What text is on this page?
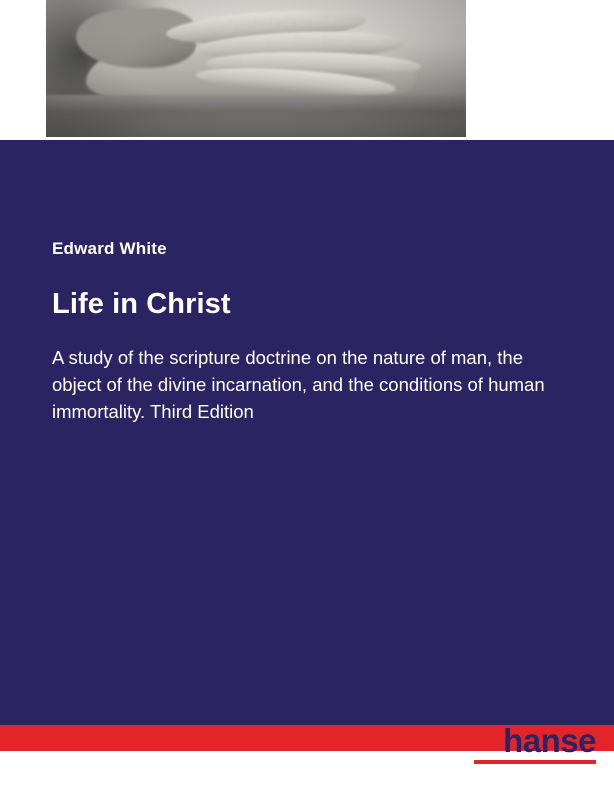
Edward White
Life in Christ
A study of the scripture doctrine on the nature of man, the object of the divine incarnation, and the conditions of human immortality. Third Edition
hanse
